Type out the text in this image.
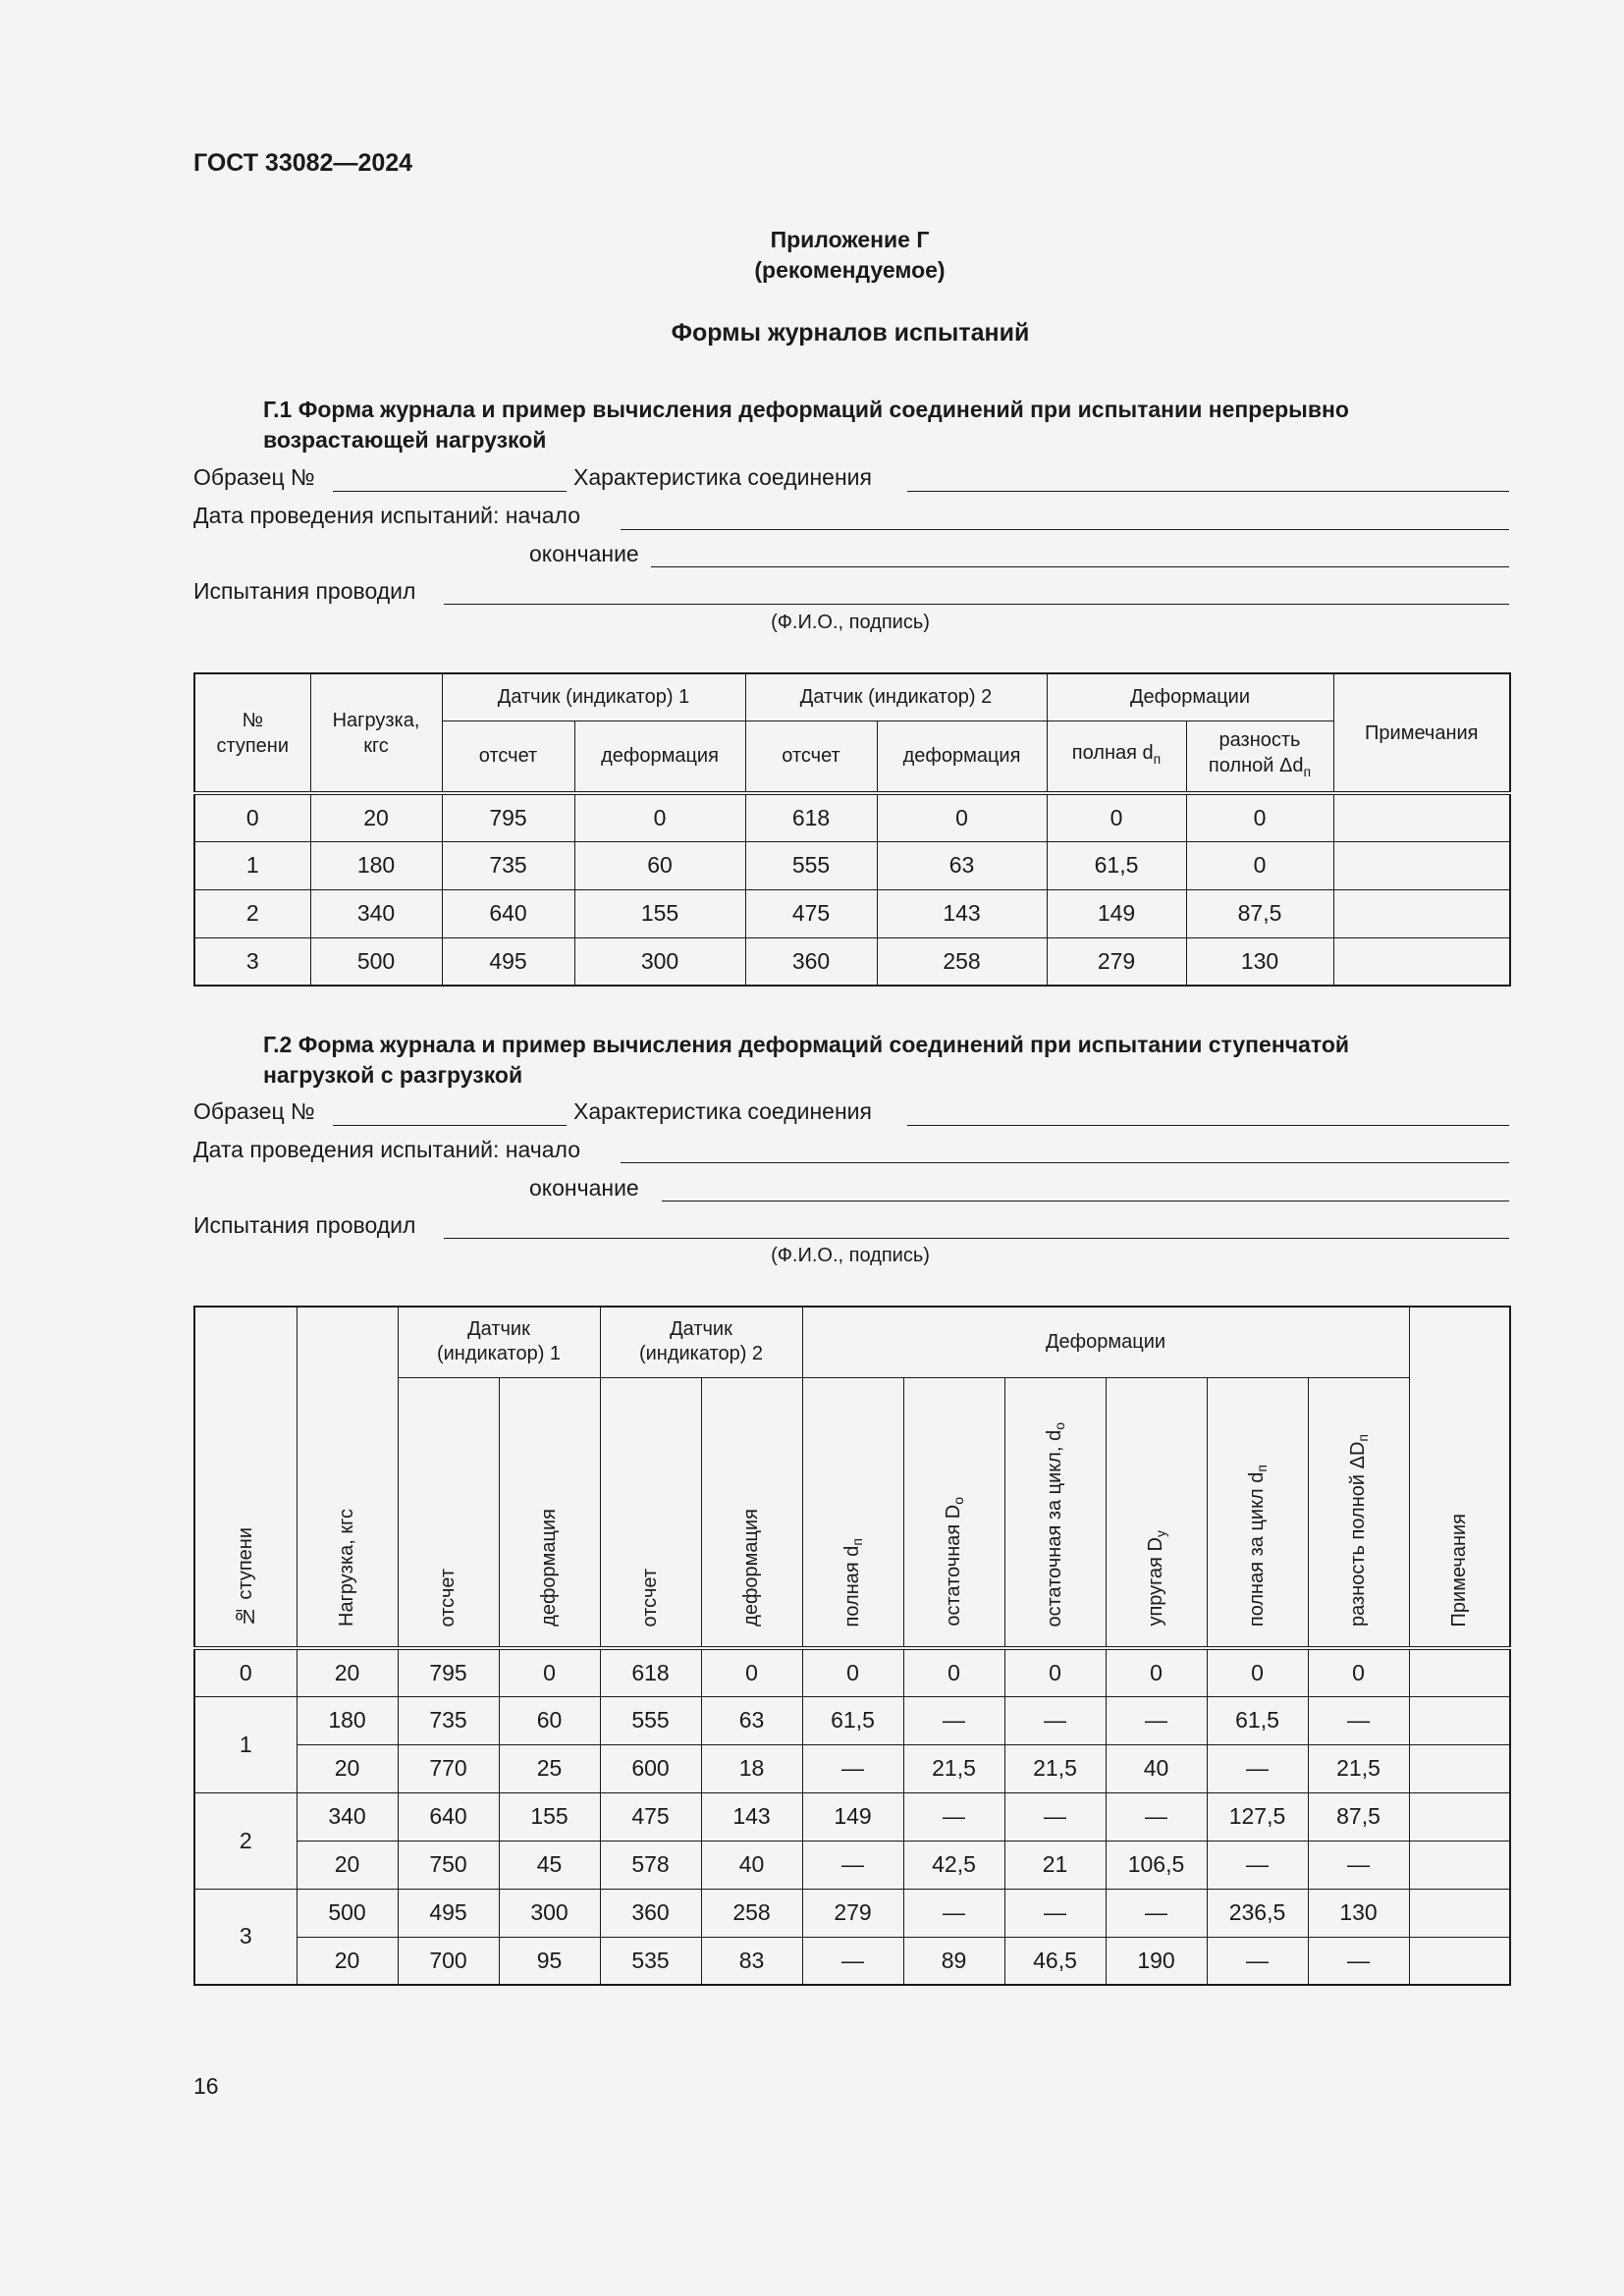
ГОСТ 33082—2024
Приложение Г
(рекомендуемое)
Формы журналов испытаний
Г.1 Форма журнала и пример вычисления деформаций соединений при испытании непрерывно
возрастающей нагрузкой
Образец №	Характеристика соединения
Дата проведения испытаний: начало
окончание
Испытания проводил
(Ф.И.О., подпись)
№ ступени	Нагрузка, кгс	Датчик (индикатор) 1		Датчик (индикатор) 2		Деформации		Примечания
		отсчет	деформация	отсчет	деформация	полная $d_п$	разность
полной $\Delta d_п$
0	20	795	0	618	0	0	0	
1	180	735	60	555	63	61,5	0	
2	340	640	155	475	143	149	87,5	
3	500	495	300	360	258	279	130	
Г.2 Форма журнала и пример вычисления деформаций соединений при испытании ступенчатой
нагрузкой с разгрузкой
Образец №	Характеристика соединения
Дата проведения испытаний: начало
окончание
Испытания проводил
(Ф.И.О., подпись)
№ ступени	Нагрузка, кгс	Датчик (индикатор) 1		Датчик (индикатор) 2		Деформации						Примечания
		отсчет	деформация	отсчет	деформация	полная $d_п$	остаточная $D_о$	остаточная за цикл, $d_о$	упругая $D_у$	полная за цикл $d_п$	разность полной $\Delta D_п$
0	20	795	0	618	0	0	0	0	0	0	0	
1	180	735	60	555	63	61,5	—	—	—	61,5	—	
	20	770	25	600	18	—	21,5	21,5	40	—	21,5	
2	340	640	155	475	143	149	—	—	—	127,5	87,5	
	20	750	45	578	40	—	42,5	21	106,5	—	—	
3	500	495	300	360	258	279	—	—	—	236,5	130	
	20	700	95	535	83	—	89	46,5	190	—	—	
16
